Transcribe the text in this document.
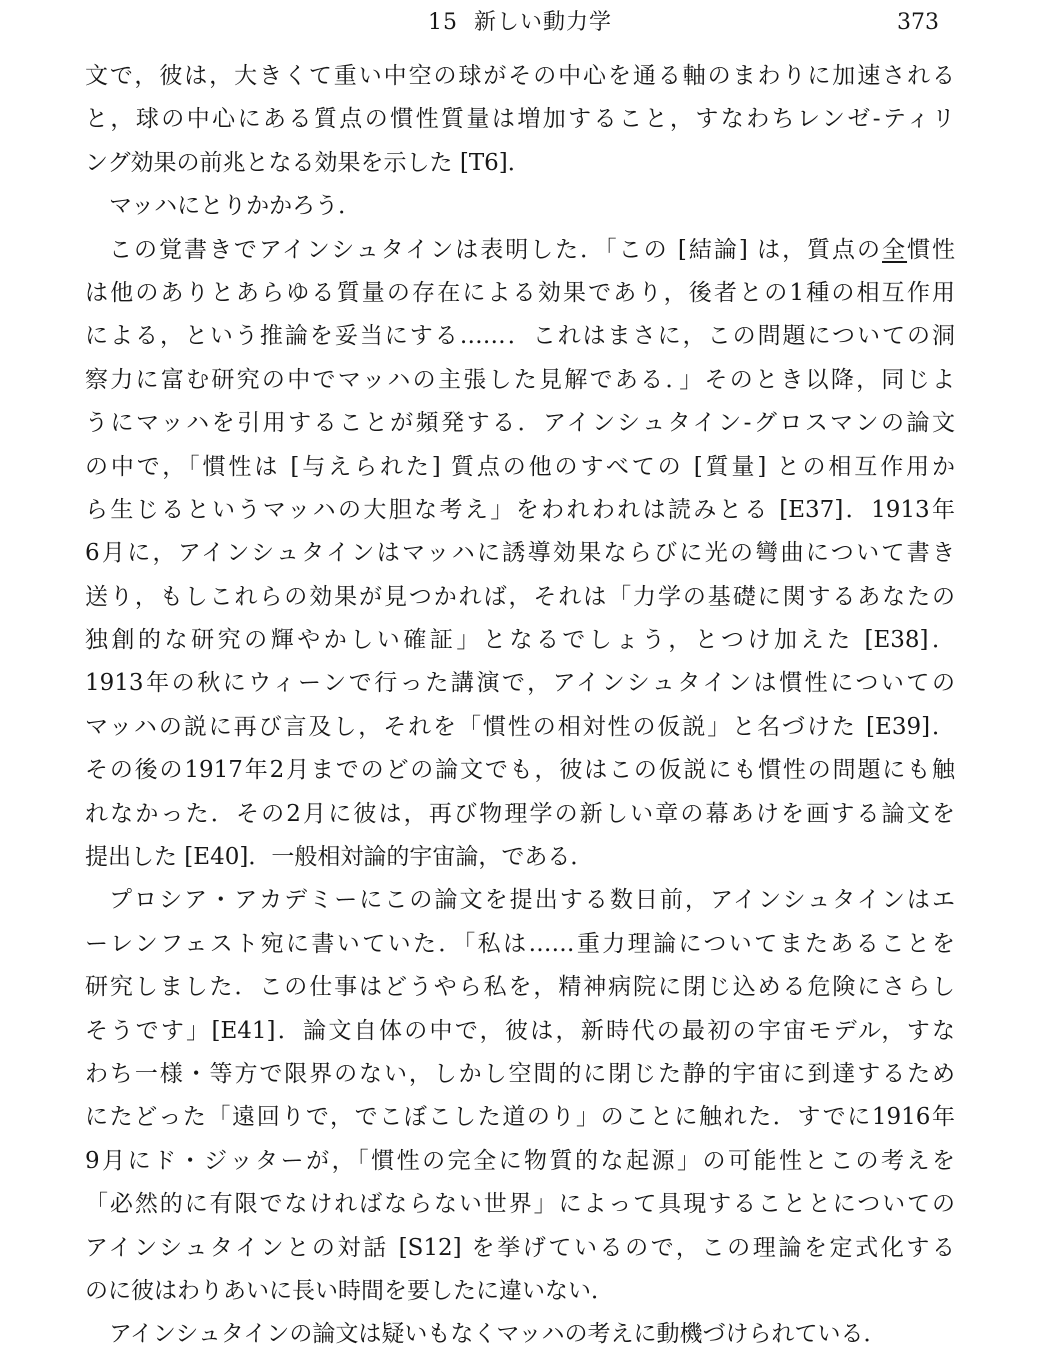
15 新しい動力学	373
文で，彼は，大きくて重い中空の球がその中心を通る軸のまわりに加速される
と，球の中心にある質点の慣性質量は増加すること，すなわちレンゼ-ティリ
ング効果の前兆となる効果を示した [T6]．
マッハにとりかかろう．
この覚書きでアインシュタインは表明した．「この [結論] は，質点の全慣性
は他のありとあらゆる質量の存在による効果であり，後者との1種の相互作用
による，という推論を妥当にする……．これはまさに，この問題についての洞
察力に富む研究の中でマッハの主張した見解である．」そのとき以降，同じよ
うにマッハを引用することが頻発する．アインシュタイン-グロスマンの論文
の中で，「慣性は [与えられた] 質点の他のすべての [質量] との相互作用か
ら生じるというマッハの大胆な考え」をわれわれは読みとる [E37]．1913年
6月に，アインシュタインはマッハに誘導効果ならびに光の彎曲について書き
送り，もしこれらの効果が見つかれば，それは「力学の基礎に関するあなたの
独創的な研究の輝やかしい確証」となるでしょう，とつけ加えた [E38]．
1913年の秋にウィーンで行った講演で，アインシュタインは慣性についての
マッハの説に再び言及し，それを「慣性の相対性の仮説」と名づけた [E39]．
その後の1917年2月までのどの論文でも，彼はこの仮説にも慣性の問題にも触
れなかった．その2月に彼は，再び物理学の新しい章の幕あけを画する論文を
提出した [E40]．一般相対論的宇宙論，である．
プロシア・アカデミーにこの論文を提出する数日前，アインシュタインはエ
ーレンフェスト宛に書いていた．「私は……重力理論についてまたあることを
研究しました．この仕事はどうやら私を，精神病院に閉じ込める危険にさらし
そうです」[E41]．論文自体の中で，彼は，新時代の最初の宇宙モデル，すな
わち一様・等方で限界のない，しかし空間的に閉じた静的宇宙に到達するため
にたどった「遠回りで，でこぼこした道のり」のことに触れた．すでに1916年
9月にド・ジッターが，「慣性の完全に物質的な起源」の可能性とこの考えを
「必然的に有限でなければならない世界」によって具現することとについての
アインシュタインとの対話 [S12] を挙げているので，この理論を定式化する
のに彼はわりあいに長い時間を要したに違いない．
アインシュタインの論文は疑いもなくマッハの考えに動機づけられている．
